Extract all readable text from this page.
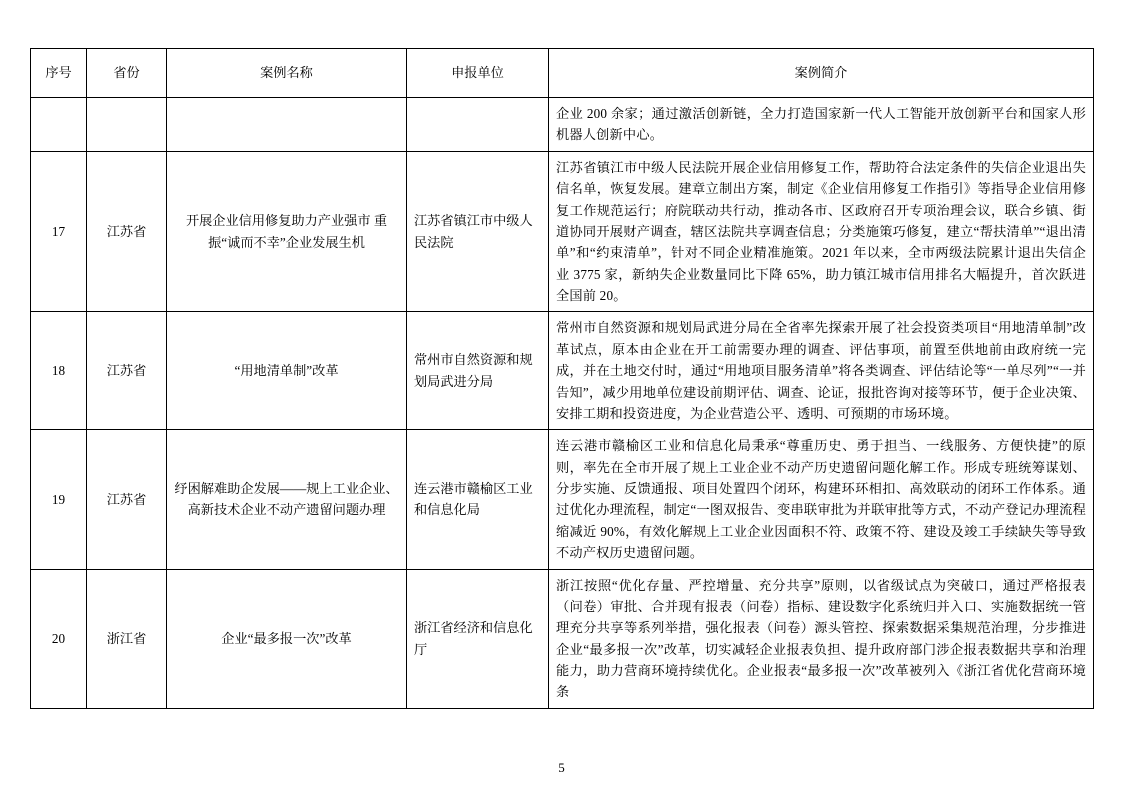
序号	省份	案例名称	申报单位	案例简介
				企业 200 余家；通过激活创新链，全力打造国家新一代人工智能开放创新平台和国家人形机器人创新中心。
17	江苏省	开展企业信用修复助力产业强市 重振“诚而不幸”企业发展生机	江苏省镇江市中级人民法院	江苏省镇江市中级人民法院开展企业信用修复工作，帮助符合法定条件的失信企业退出失信名单，恢复发展。建章立制出方案，制定《企业信用修复工作指引》等指导企业信用修复工作规范运行；府院联动共行动，推动各市、区政府召开专项治理会议，联合乡镇、街道协同开展财产调查，辖区法院共享调查信息；分类施策巧修复，建立“帮扶清单”“退出清单”和“约束清单”，针对不同企业精准施策。2021 年以来，全市两级法院累计退出失信企业 3775 家，新纳失企业数量同比下降 65%，助力镇江城市信用排名大幅提升，首次跃进全国前 20。
18	江苏省	“用地清单制”改革	常州市自然资源和规划局武进分局	常州市自然资源和规划局武进分局在全省率先探索开展了社会投资类项目“用地清单制”改革试点，原本由企业在开工前需要办理的调查、评估事项，前置至供地前由政府统一完成，并在土地交付时，通过“用地项目服务清单”将各类调查、评估结论等“一单尽列”“一并告知”，减少用地单位建设前期评估、调查、论证，报批咨询对接等环节，便于企业决策、安排工期和投资进度，为企业营造公平、透明、可预期的市场环境。
19	江苏省	纾困解难助企发展——规上工业企业、高新技术企业不动产遗留问题办理	连云港市赣榆区工业和信息化局	连云港市赣榆区工业和信息化局秉承“尊重历史、勇于担当、一线服务、方便快捷”的原则，率先在全市开展了规上工业企业不动产历史遗留问题化解工作。形成专班统筹谋划、分步实施、反馈通报、项目处置四个闭环，构建环环相扣、高效联动的闭环工作体系。通过优化办理流程，制定“一图双报告、变串联审批为并联审批等方式，不动产登记办理流程缩减近 90%，有效化解规上工业企业因面积不符、政策不符、建设及竣工手续缺失等导致不动产权历史遗留问题。
20	浙江省	企业“最多报一次”改革	浙江省经济和信息化厅	浙江按照“优化存量、严控增量、充分共享”原则，以省级试点为突破口，通过严格报表（问卷）审批、合并现有报表（问卷）指标、建设数字化系统归并入口、实施数据统一管理充分共享等系列举措，强化报表（问卷）源头管控、探索数据采集规范治理，分步推进企业“最多报一次”改革，切实减轻企业报表负担、提升政府部门涉企报表数据共享和治理能力，助力营商环境持续优化。企业报表“最多报一次”改革被列入《浙江省优化营商环境条
5
